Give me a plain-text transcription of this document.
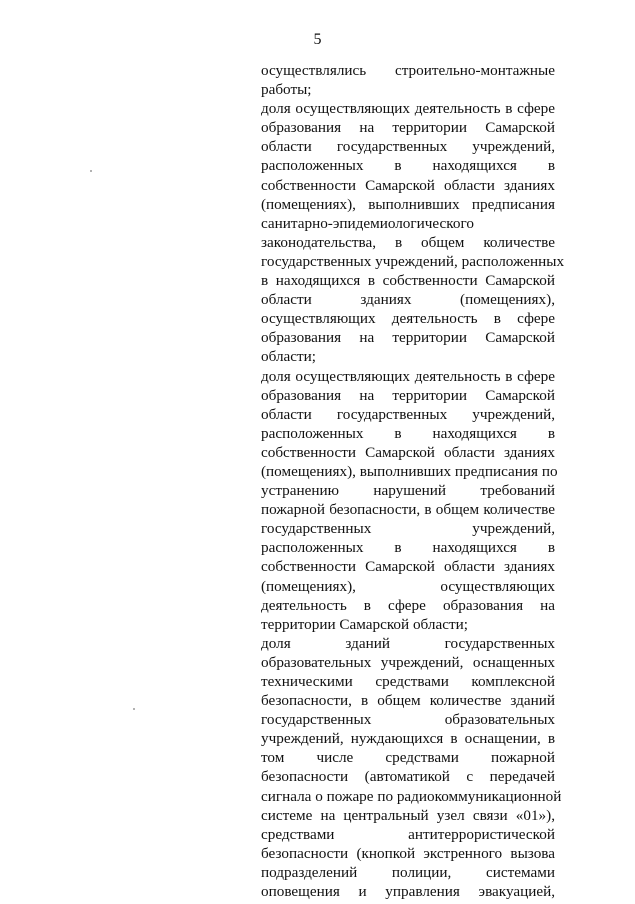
5
осуществлялись строительно-монтажные
работы;
доля осуществляющих деятельность в сфере
образования на территории Самарской
области государственных учреждений,
расположенных в находящихся в
собственности Самарской области зданиях
(помещениях), выполнивших предписания
санитарно-эпидемиологического
законодательства, в общем количестве
государственных учреждений, расположенных
в находящихся в собственности Самарской
области зданиях (помещениях),
осуществляющих деятельность в сфере
образования на территории Самарской
области;
доля осуществляющих деятельность в сфере
образования на территории Самарской
области государственных учреждений,
расположенных в находящихся в
собственности Самарской области зданиях
(помещениях), выполнивших предписания по
устранению нарушений требований
пожарной безопасности, в общем количестве
государственных учреждений,
расположенных в находящихся в
собственности Самарской области зданиях
(помещениях), осуществляющих
деятельность в сфере образования на
территории Самарской области;
доля зданий государственных
образовательных учреждений, оснащенных
техническими средствами комплексной
безопасности, в общем количестве зданий
государственных образовательных
учреждений, нуждающихся в оснащении, в
том числе средствами пожарной
безопасности (автоматикой с передачей
сигнала о пожаре по радиокоммуникационной
системе на центральный узел связи «01»),
средствами антитеррористической
безопасности (кнопкой экстренного вызова
подразделений полиции, системами
оповещения и управления эвакуацией,
